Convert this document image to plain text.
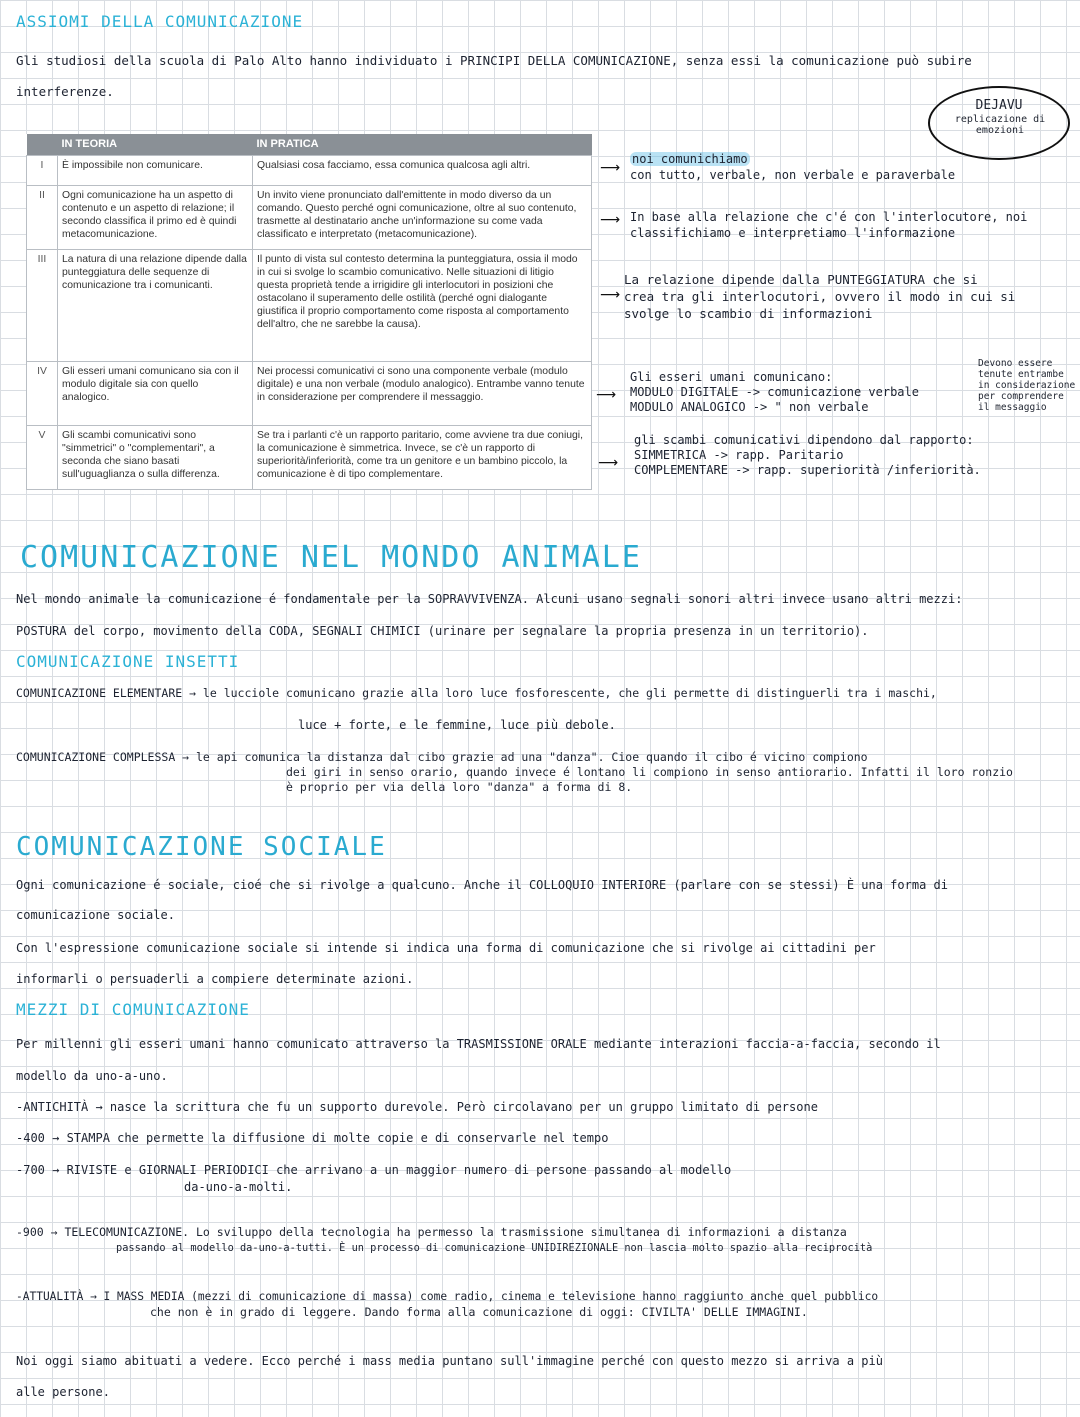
ASSIOMI DELLA COMUNICAZIONE
Gli studiosi della scuola di Palo Alto hanno individuato i PRINCIPI DELLA COMUNICAZIONE, senza essi la comunicazione può subire
interferenze.
DEJAVU
replicazione di emozioni
	IN TEORIA	IN PRATICA
I	È impossibile non comunicare.	Qualsiasi cosa facciamo, essa comunica qualcosa agli altri.
II	Ogni comunicazione ha un aspetto di contenuto e un aspetto di relazione; il secondo classifica il primo ed è quindi metacomunicazione.	Un invito viene pronunciato dall'emittente in modo diverso da un comando. Questo perché ogni comunicazione, oltre al suo contenuto, trasmette al destinatario anche un'informazione su come vada classificato e interpretato (metacomunicazione).
III	La natura di una relazione dipende dalla punteggiatura delle sequenze di comunicazione tra i comunicanti.	Il punto di vista sul contesto determina la punteggiatura, ossia il modo in cui si svolge lo scambio comunicativo. Nelle situazioni di litigio questa proprietà tende a irrigidire gli interlocutori in posizioni che ostacolano il superamento delle ostilità (perché ogni dialogante giustifica il proprio comportamento come risposta al comportamento dell'altro, che ne sarebbe la causa).
IV	Gli esseri umani comunicano sia con il modulo digitale sia con quello analogico.	Nei processi comunicativi ci sono una componente verbale (modulo digitale) e una non verbale (modulo analogico). Entrambe vanno tenute in considerazione per comprendere il messaggio.
V	Gli scambi comunicativi sono "simmetrici" o "complementari", a seconda che siano basati sull'uguaglianza o sulla differenza.	Se tra i parlanti c'è un rapporto paritario, come avviene tra due coniugi, la comunicazione è simmetrica. Invece, se c'è un rapporto di superiorità/inferiorità, come tra un genitore e un bambino piccolo, la comunicazione è di tipo complementare.
⟶
noi comunichiamo
con tutto, verbale, non verbale e paraverbale
⟶ In base alla relazione che c'é con l'interlocutore, noi
classifichiamo e interpretiamo l'informazione
⟶
La relazione dipende dalla PUNTEGGIATURA che si
crea tra gli interlocutori, ovvero il modo in cui si
svolge lo scambio di informazioni
⟶
Gli esseri umani comunicano:
MODULO DIGITALE -> comunicazione verbale
MODULO ANALOGICO -> " non verbale
Devono essere tenute entrambe in considerazione per comprendere il messaggio
⟶
gli scambi comunicativi dipendono dal rapporto:
SIMMETRICA -> rapp. Paritario
COMPLEMENTARE -> rapp. superiorità /inferiorità.
COMUNICAZIONE NEL MONDO ANIMALE
Nel mondo animale la comunicazione é fondamentale per la SOPRAVVIVENZA. Alcuni usano segnali sonori altri invece usano altri mezzi:
POSTURA del corpo, movimento della CODA, SEGNALI CHIMICI (urinare per segnalare la propria presenza in un territorio).
COMUNICAZIONE INSETTI
COMUNICAZIONE ELEMENTARE → le lucciole comunicano grazie alla loro luce fosforescente, che gli permette di distinguerli tra i maschi,
luce + forte, e le femmine, luce più debole.
COMUNICAZIONE COMPLESSA → le api comunica la distanza dal cibo grazie ad una "danza". Cioe quando il cibo é vicino compiono
dei giri in senso orario, quando invece é lontano li compiono in senso antiorario. Infatti il loro ronzio
è proprio per via della loro "danza" a forma di 8.
COMUNICAZIONE SOCIALE
Ogni comunicazione é sociale, cioé che si rivolge a qualcuno. Anche il COLLOQUIO INTERIORE (parlare con se stessi) È una forma di
comunicazione sociale.
Con l'espressione comunicazione sociale si intende si indica una forma di comunicazione che si rivolge ai cittadini per
informarli o persuaderli a compiere determinate azioni.
MEZZI DI COMUNICAZIONE
Per millenni gli esseri umani hanno comunicato attraverso la TRASMISSIONE ORALE mediante interazioni faccia-a-faccia, secondo il
modello da uno-a-uno.
-ANTICHITÀ → nasce la scrittura che fu un supporto durevole. Però circolavano per un gruppo limitato di persone
-400 → STAMPA che permette la diffusione di molte copie e di conservarle nel tempo
-700 → RIVISTE e GIORNALI PERIODICI che arrivano a un maggior numero di persone passando al modello
da-uno-a-molti.
-900 → TELECOMUNICAZIONE. Lo sviluppo della tecnologia ha permesso la trasmissione simultanea di informazioni a distanza
passando al modello da-uno-a-tutti. È un processo di comunicazione UNIDIREZIONALE non lascia molto spazio alla reciprocità
-ATTUALITÀ → I MASS MEDIA (mezzi di comunicazione di massa) come radio, cinema e televisione hanno raggiunto anche quel pubblico
che non è in grado di leggere. Dando forma alla comunicazione di oggi: CIVILTA' DELLE IMMAGINI.
Noi oggi siamo abituati a vedere. Ecco perché i mass media puntano sull'immagine perché con questo mezzo si arriva a più
alle persone.
